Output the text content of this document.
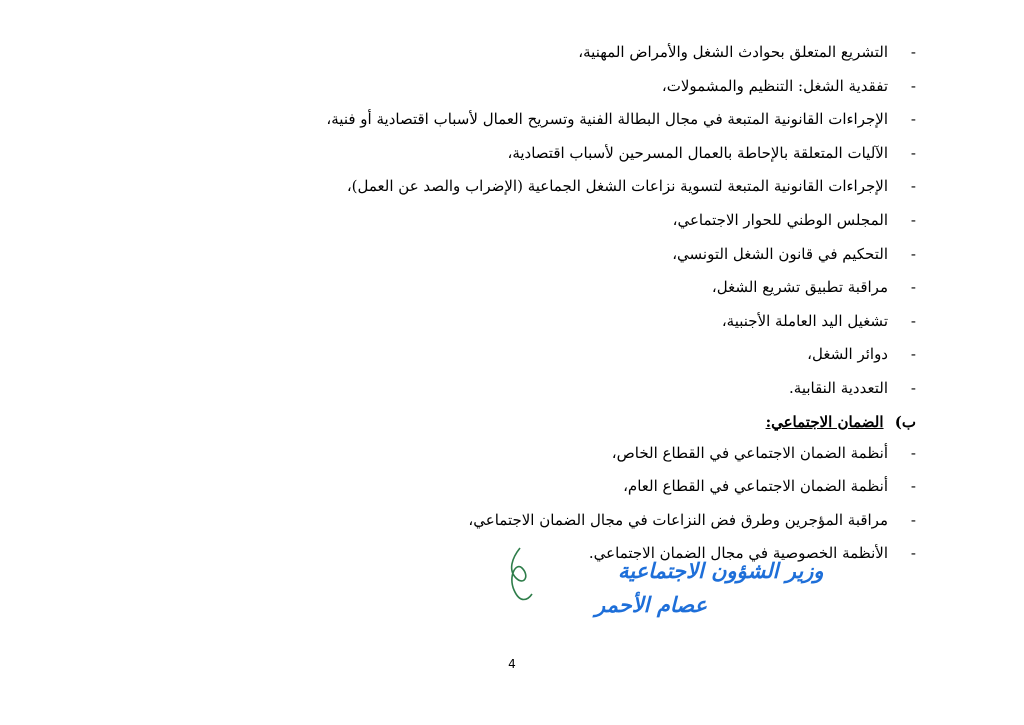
-
التشريع المتعلق بحوادث الشغل والأمراض المهنية،
-
تفقدية الشغل: التنظيم والمشمولات،
-
الإجراءات القانونية المتبعة في مجال البطالة الفنية وتسريح العمال لأسباب اقتصادية أو فنية،
-
الآليات المتعلقة بالإحاطة بالعمال المسرحين لأسباب اقتصادية،
-
الإجراءات القانونية المتبعة لتسوية نزاعات الشغل الجماعية (الإضراب والصد عن العمل)،
-
المجلس الوطني للحوار الاجتماعي،
-
التحكيم في قانون الشغل التونسي،
-
مراقبة تطبيق تشريع الشغل،
-
تشغيل اليد العاملة الأجنبية،
-
دوائر الشغل،
-
التعددية النقابية.
ب) الضمان الاجتماعي:
-
أنظمة الضمان الاجتماعي في القطاع الخاص،
-
أنظمة الضمان الاجتماعي في القطاع العام،
-
مراقبة المؤجرين وطرق فض النزاعات في مجال الضمان الاجتماعي،
-
الأنظمة الخصوصية في مجال الضمان الاجتماعي.
وزير الشؤون الاجتماعية
عصام الأحمر
4
